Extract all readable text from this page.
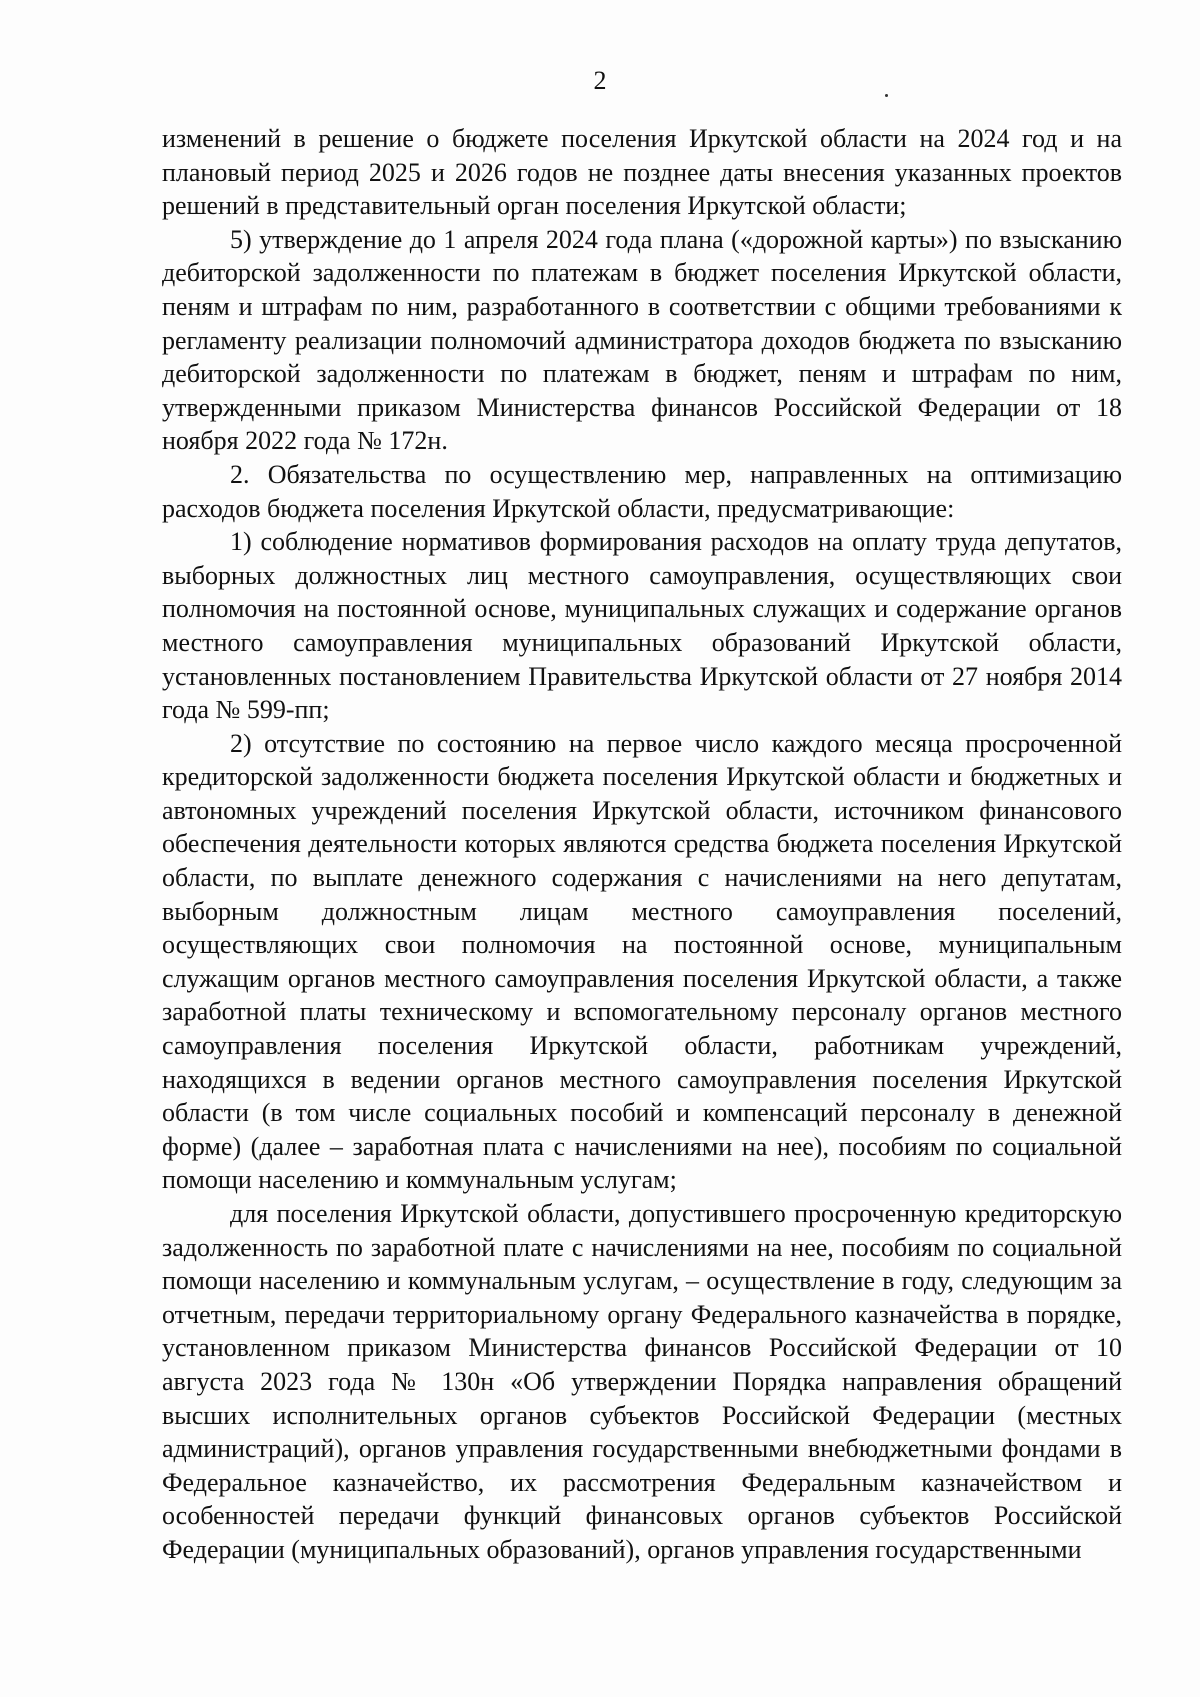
2

изменений в решение о бюджете поселения Иркутской области на 2024 год и на плановый период 2025 и 2026 годов не позднее даты внесения указанных проектов решений в представительный орган поселения Иркутской области;

5) утверждение до 1 апреля 2024 года плана («дорожной карты») по взысканию дебиторской задолженности по платежам в бюджет поселения Иркутской области, пеням и штрафам по ним, разработанного в соответствии с общими требованиями к регламенту реализации полномочий администратора доходов бюджета по взысканию дебиторской задолженности по платежам в бюджет, пеням и штрафам по ним, утвержденными приказом Министерства финансов Российской Федерации от 18 ноября 2022 года № 172н.

2. Обязательства по осуществлению мер, направленных на оптимизацию расходов бюджета поселения Иркутской области, предусматривающие:

1) соблюдение нормативов формирования расходов на оплату труда депутатов, выборных должностных лиц местного самоуправления, осуществляющих свои полномочия на постоянной основе, муниципальных служащих и содержание органов местного самоуправления муниципальных образований Иркутской области, установленных постановлением Правительства Иркутской области от 27 ноября 2014 года № 599-пп;

2) отсутствие по состоянию на первое число каждого месяца просроченной кредиторской задолженности бюджета поселения Иркутской области и бюджетных и автономных учреждений поселения Иркутской области, источником финансового обеспечения деятельности которых являются средства бюджета поселения Иркутской области, по выплате денежного содержания с начислениями на него депутатам, выборным должностным лицам местного самоуправления поселений, осуществляющих свои полномочия на постоянной основе, муниципальным служащим органов местного самоуправления поселения Иркутской области, а также заработной платы техническому и вспомогательному персоналу органов местного самоуправления поселения Иркутской области, работникам учреждений, находящихся в ведении органов местного самоуправления поселения Иркутской области (в том числе социальных пособий и компенсаций персоналу в денежной форме) (далее – заработная плата с начислениями на нее), пособиям по социальной помощи населению и коммунальным услугам;

для поселения Иркутской области, допустившего просроченную кредиторскую задолженность по заработной плате с начислениями на нее, пособиям по социальной помощи населению и коммунальным услугам, – осуществление в году, следующим за отчетным, передачи территориальному органу Федерального казначейства в порядке, установленном приказом Министерства финансов Российской Федерации от 10 августа 2023 года № 130н «Об утверждении Порядка направления обращений высших исполнительных органов субъектов Российской Федерации (местных администраций), органов управления государственными внебюджетными фондами в Федеральное казначейство, их рассмотрения Федеральным казначейством и особенностей передачи функций финансовых органов субъектов Российской Федерации (муниципальных образований), органов управления государственными
